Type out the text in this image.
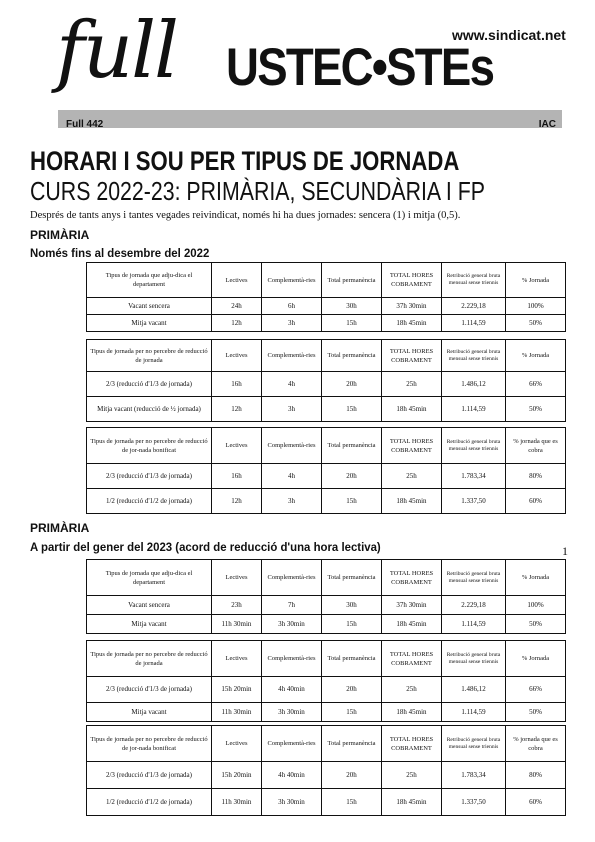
www.sindicat.net
full USTEC•STEs
Full 442	IAC
HORARI I SOU PER TIPUS DE JORNADA
CURS 2022-23: PRIMÀRIA, SECUNDÀRIA I FP
Després de tants anys i tantes vegades reivindicat, només hi ha dues jornades: sencera (1) i mitja (0,5).
PRIMÀRIA
Només fins al desembre del 2022
PRIMÀRIA
A partir del gener del 2023 (acord de reducció d'una hora lectiva)	1
Tipus de jornada que adju-dica el departament	Lectives	Complementà-ries	Total permanència	TOTAL HORES COBRAMENT	Retribució general bruta mensual sense triennis	% Jornada
Vacant sencera	24h	6h	30h	37h 30min	2.229,18	100%
Mitja vacant	12h	3h	15h	18h 45min	1.114,59	50%
Tipus de jornada per no percebre de reducció de jornada	Lectives	Complementà-ries	Total permanència	TOTAL HORES COBRAMENT	Retribució general bruta mensual sense triennis	% Jornada
2/3 (reducció d'1/3 de jornada)	16h	4h	20h	25h	1.486,12	66%
Mitja vacant (reducció de ½ jornada)	12h	3h	15h	18h 45min	1.114,59	50%
Tipus de jornada per no percebre de reducció de jor-nada bonificat	Lectives	Complementà-ries	Total permanència	TOTAL HORES COBRAMENT	Retribució general bruta mensual sense triennis	% jornada que es cobra
2/3 (reducció d'1/3 de jornada)	16h	4h	20h	25h	1.783,34	80%
1/2 (reducció d'1/2 de jornada)	12h	3h	15h	18h 45min	1.337,50	60%
Tipus de jornada que adju-dica el departament	Lectives	Complementà-ries	Total permanència	TOTAL HORES COBRAMENT	Retribució general bruta mensual sense triennis	% Jornada
Vacant sencera	23h	7h	30h	37h 30min	2.229,18	100%
Mitja vacant	11h 30min	3h 30min	15h	18h 45min	1.114,59	50%
Tipus de jornada per no percebre de reducció de jornada	Lectives	Complementà-ries	Total permanència	TOTAL HORES COBRAMENT	Retribució general bruta mensual sense triennis	% Jornada
2/3 (reducció d'1/3 de jornada)	15h 20min	4h 40min	20h	25h	1.486,12	66%
Mitja vacant	11h 30min	3h 30min	15h	18h 45min	1.114,59	50%
Tipus de jornada per no percebre de reducció de jor-nada bonificat	Lectives	Complementà-ries	Total permanència	TOTAL HORES COBRAMENT	Retribució general bruta mensual sense triennis	% jornada que es cobra
2/3 (reducció d'1/3 de jornada)	15h 20min	4h 40min	20h	25h	1.783,34	80%
1/2 (reducció d'1/2 de jornada)	11h 30min	3h 30min	15h	18h 45min	1.337,50	60%
